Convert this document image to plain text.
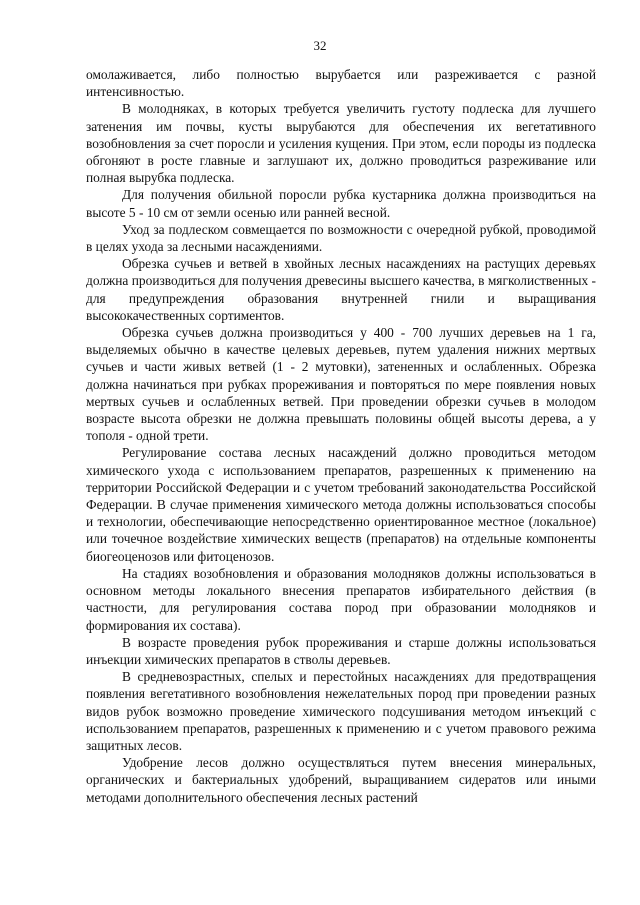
32

омолаживается, либо полностью вырубается или разреживается с разной интенсивностью.

В молодняках, в которых требуется увеличить густоту подлеска для лучшего затенения им почвы, кусты вырубаются для обеспечения их вегетативного возобновления за счет поросли и усиления кущения. При этом, если породы из подлеска обгоняют в росте главные и заглушают их, должно проводиться разреживание или полная вырубка подлеска.

Для получения обильной поросли рубка кустарника должна производиться на высоте 5 - 10 см от земли осенью или ранней весной.

Уход за подлеском совмещается по возможности с очередной рубкой, проводимой в целях ухода за лесными насаждениями.

Обрезка сучьев и ветвей в хвойных лесных насаждениях на растущих деревьях должна производиться для получения древесины высшего качества, в мягколиственных - для предупреждения образования внутренней гнили и выращивания высококачественных сортиментов.

Обрезка сучьев должна производиться у 400 - 700 лучших деревьев на 1 га, выделяемых обычно в качестве целевых деревьев, путем удаления нижних мертвых сучьев и части живых ветвей (1 - 2 мутовки), затененных и ослабленных. Обрезка должна начинаться при рубках прореживания и повторяться по мере появления новых мертвых сучьев и ослабленных ветвей. При проведении обрезки сучьев в молодом возрасте высота обрезки не должна превышать половины общей высоты дерева, а у тополя - одной трети.

Регулирование состава лесных насаждений должно проводиться методом химического ухода с использованием препаратов, разрешенных к применению на территории Российской Федерации и с учетом требований законодательства Российской Федерации. В случае применения химического метода должны использоваться способы и технологии, обеспечивающие непосредственно ориентированное местное (локальное) или точечное воздействие химических веществ (препаратов) на отдельные компоненты биогеоценозов или фитоценозов.

На стадиях возобновления и образования молодняков должны использоваться в основном методы локального внесения препаратов избирательного действия (в частности, для регулирования состава пород при образовании молодняков и формирования их состава).

В возрасте проведения рубок прореживания и старше должны использоваться инъекции химических препаратов в стволы деревьев.

В средневозрастных, спелых и перестойных насаждениях для предотвращения появления вегетативного возобновления нежелательных пород при проведении разных видов рубок возможно проведение химического подсушивания методом инъекций с использованием препаратов, разрешенных к применению и с учетом правового режима защитных лесов.

Удобрение лесов должно осуществляться путем внесения минеральных, органических и бактериальных удобрений, выращиванием сидератов или иными методами дополнительного обеспечения лесных растений
